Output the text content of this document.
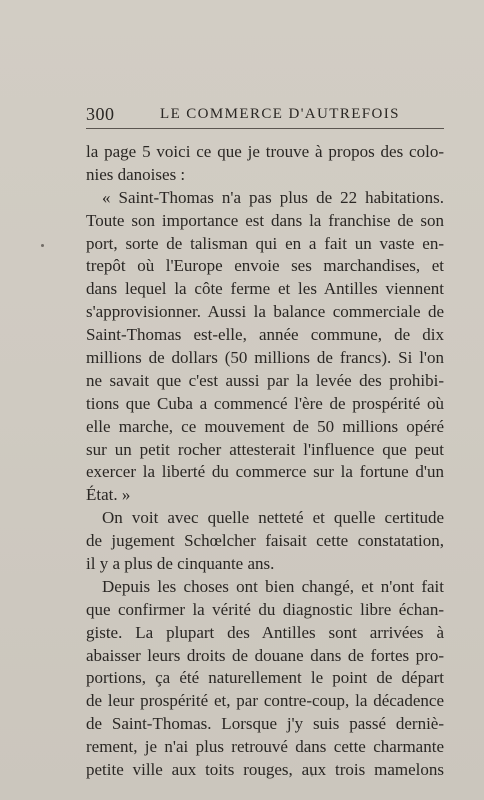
300	LE COMMERCE D'AUTREFOIS
la page 5 voici ce que je trouve à propos des colo-
nies danoises :
« Saint-Thomas n'a pas plus de 22 habitations.
Toute son importance est dans la franchise de son
port, sorte de talisman qui en a fait un vaste en-
trepôt où l'Europe envoie ses marchandises, et
dans lequel la côte ferme et les Antilles viennent
s'approvisionner. Aussi la balance commerciale de
Saint-Thomas est-elle, année commune, de dix
millions de dollars (50 millions de francs). Si l'on
ne savait que c'est aussi par la levée des prohibi-
tions que Cuba a commencé l'ère de prospérité où
elle marche, ce mouvement de 50 millions opéré
sur un petit rocher attesterait l'influence que peut
exercer la liberté du commerce sur la fortune d'un
État. »
On voit avec quelle netteté et quelle certitude
de jugement Schœlcher faisait cette constatation,
il y a plus de cinquante ans.
Depuis les choses ont bien changé, et n'ont fait
que confirmer la vérité du diagnostic libre échan-
giste. La plupart des Antilles sont arrivées à
abaisser leurs droits de douane dans de fortes pro-
portions, ça été naturellement le point de départ
de leur prospérité et, par contre-coup, la décadence
de Saint-Thomas. Lorsque j'y suis passé derniè-
rement, je n'ai plus retrouvé dans cette charmante
petite ville aux toits rouges, aux trois mamelons
